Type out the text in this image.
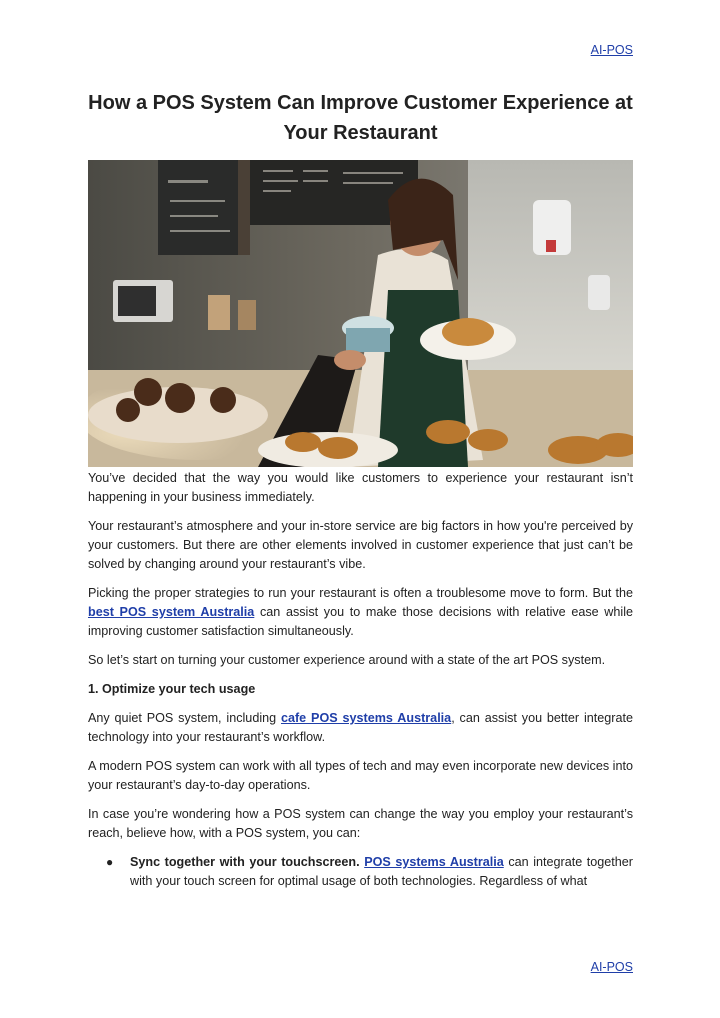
AI-POS
How a POS System Can Improve Customer Experience at Your Restaurant

You’ve decided that the way you would like customers to experience your restaurant isn’t happening in your business immediately.

Your restaurant’s atmosphere and your in-store service are big factors in how you're perceived by your customers. But there are other elements involved in customer experience that just can’t be solved by changing around your restaurant’s vibe.

Picking the proper strategies to run your restaurant is often a troublesome move to form. But the best POS system Australia can assist you to make those decisions with relative ease while improving customer satisfaction simultaneously.

So let’s start on turning your customer experience around with a state of the art POS system.

1. Optimize your tech usage

Any quiet POS system, including cafe POS systems Australia, can assist you better integrate technology into your restaurant’s workflow.

A modern POS system can work with all types of tech and may even incorporate new devices into your restaurant’s day-to-day operations.

In case you’re wondering how a POS system can change the way you employ your restaurant’s reach, believe how, with a POS system, you can:

●	Sync together with your touchscreen. POS systems Australia can integrate together with your touch screen for optimal usage of both technologies. Regardless of what
AI-POS
